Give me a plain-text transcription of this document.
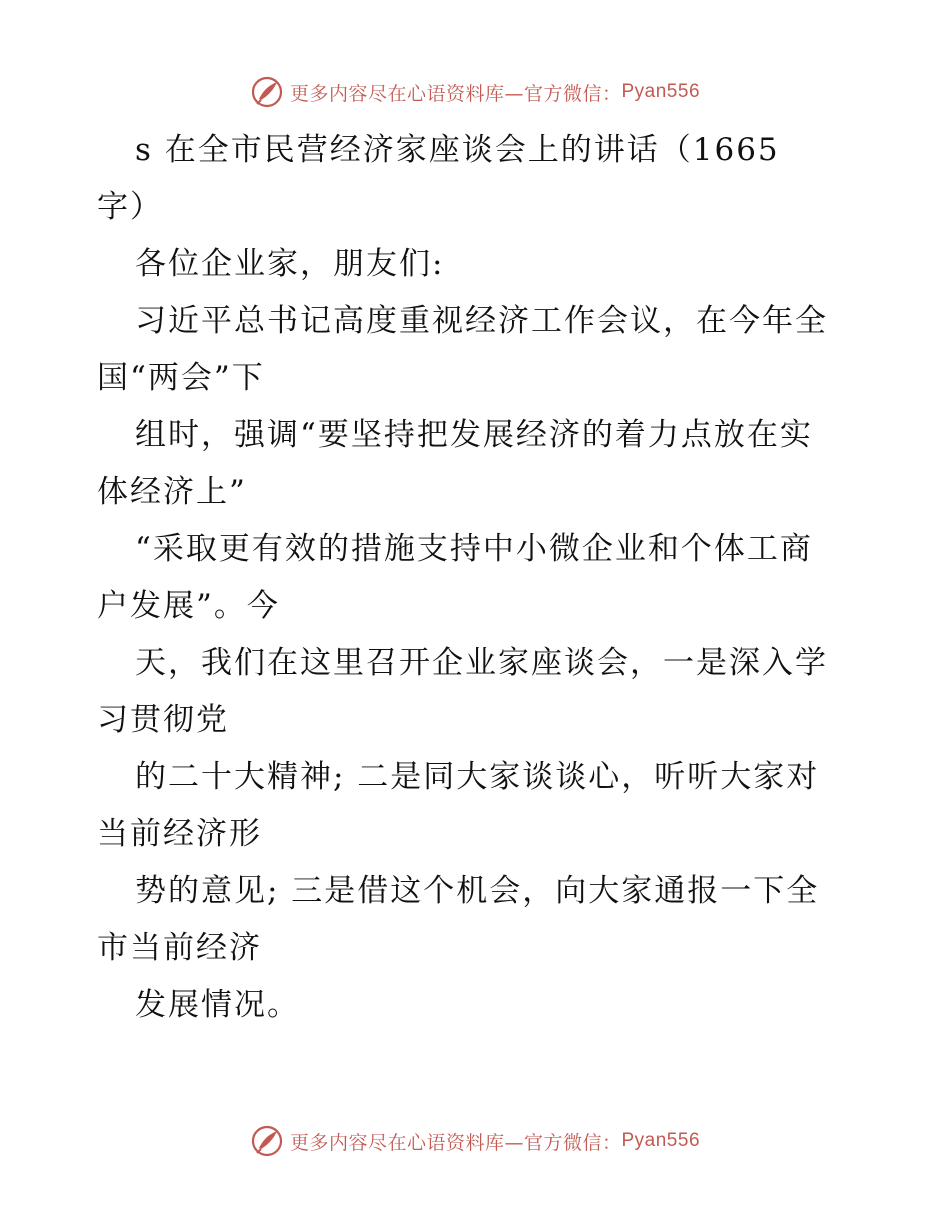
更多内容尽在心语资料库—官方微信： Pyan556

s 在全市民营经济家座谈会上的讲话（1665
字）

各位企业家，朋友们:

习近平总书记高度重视经济工作会议，在今年全
国“两会”下

组时，强调“要坚持把发展经济的着力点放在实
体经济上”

“采取更有效的措施支持中小微企业和个体工商
户发展”。今

天，我们在这里召开企业家座谈会，一是深入学
习贯彻党

的二十大精神; 二是同大家谈谈心，听听大家对
当前经济形

势的意见; 三是借这个机会，向大家通报一下全
市当前经济

发展情况。

更多内容尽在心语资料库—官方微信： Pyan556
